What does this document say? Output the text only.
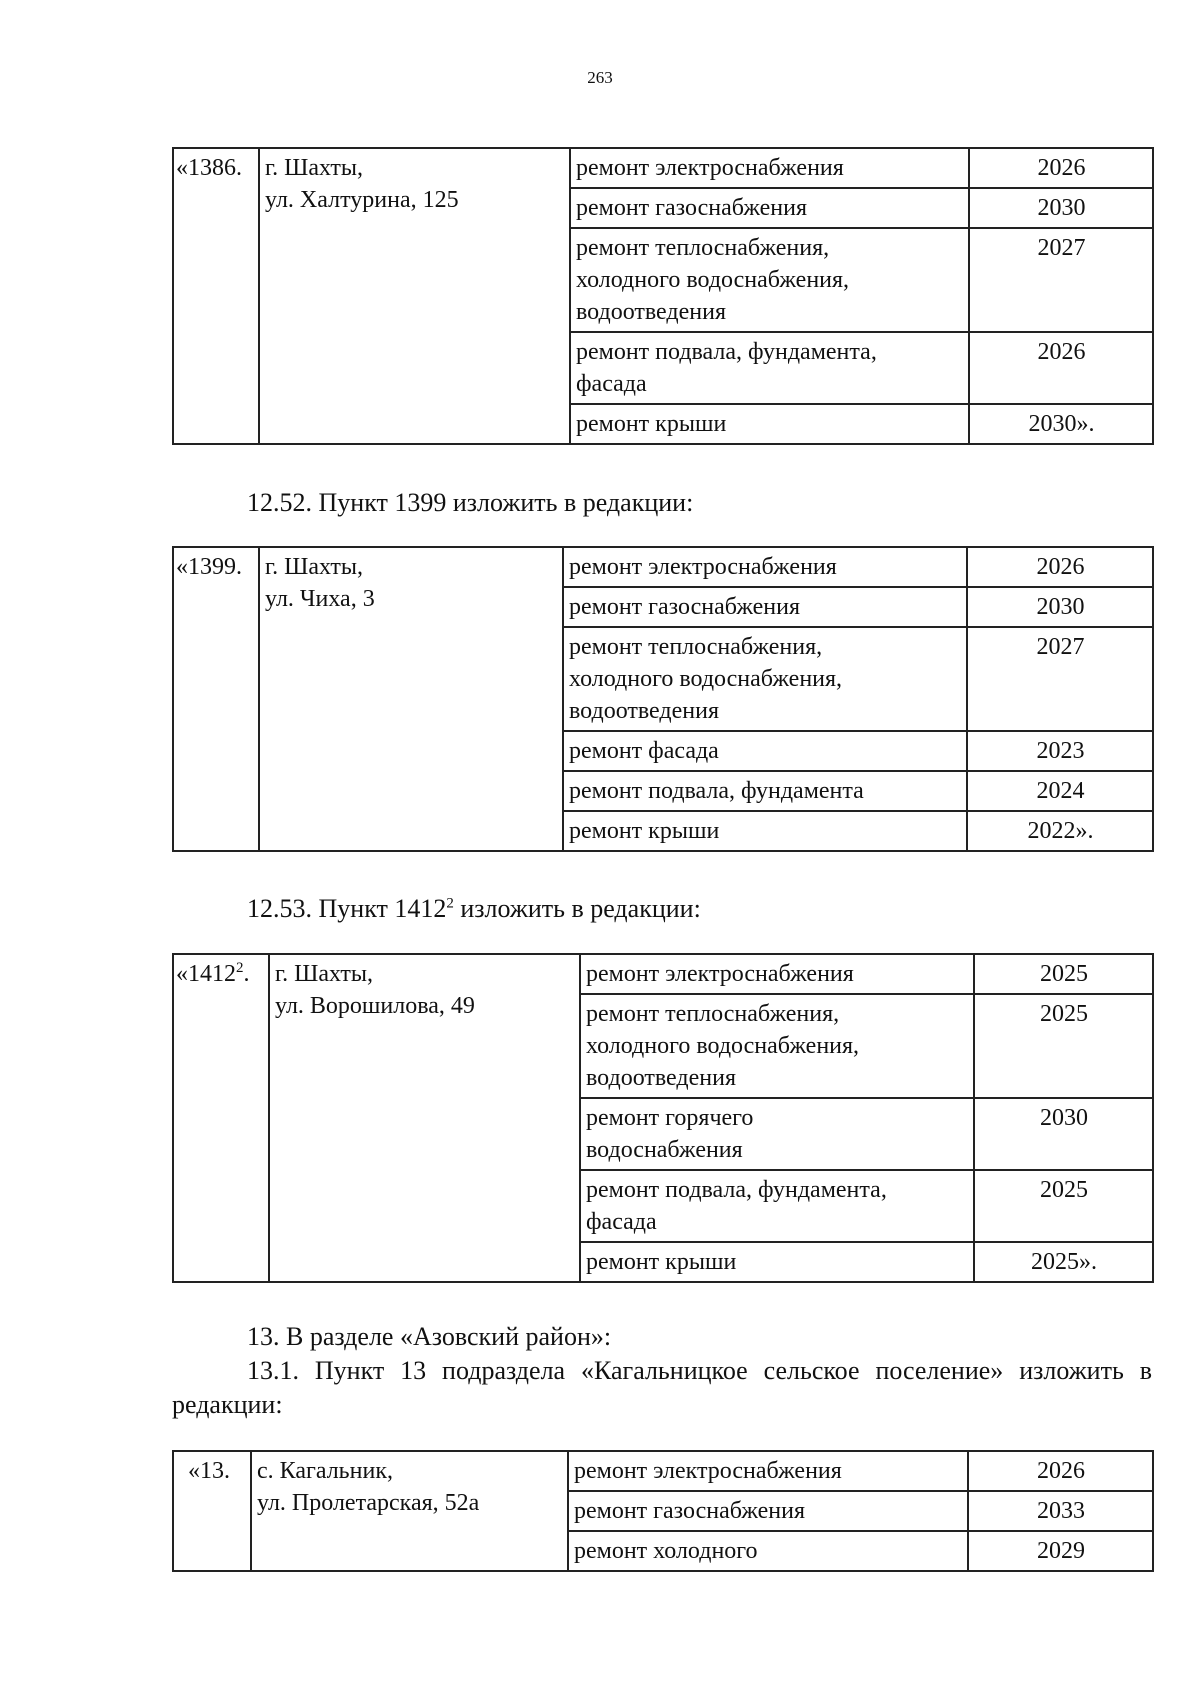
263
«1386.	г. Шахты,
ул. Халтурина, 125	ремонт электроснабжения	2026
		ремонт газоснабжения	2030

		ремонт теплоснабжения,
холодного водоснабжения,
водоотведения	2027

		ремонт подвала, фундамента,
фасада	2026
		ремонт крыши	2030».
12.52. Пункт 1399 изложить в редакции:
«1399.	г. Шахты,
ул. Чиха, 3	ремонт электроснабжения	2026
		ремонт газоснабжения	2030

		ремонт теплоснабжения,
холодного водоснабжения,
водоотведения	2027
		ремонт фасада	2023
		ремонт подвала, фундамента	2024
		ремонт крыши	2022».
12.53. Пункт 1412$^2$ изложить в редакции:
«1412$^2$.	г. Шахты,
ул. Ворошилова, 49	ремонт электроснабжения	2025

		ремонт теплоснабжения,
холодного водоснабжения,
водоотведения	2025

		ремонт горячего
водоснабжения	2030

		ремонт подвала, фундамента,
фасада	2025
		ремонт крыши	2025».
13. В разделе «Азовский район»:
13.1. Пункт 13 подраздела «Кагальницкое сельское поселение» изложить в редакции:
«13.	с. Кагальник,
ул. Пролетарская, 52а	ремонт электроснабжения	2026
		ремонт газоснабжения	2033
		ремонт холодного	2029
